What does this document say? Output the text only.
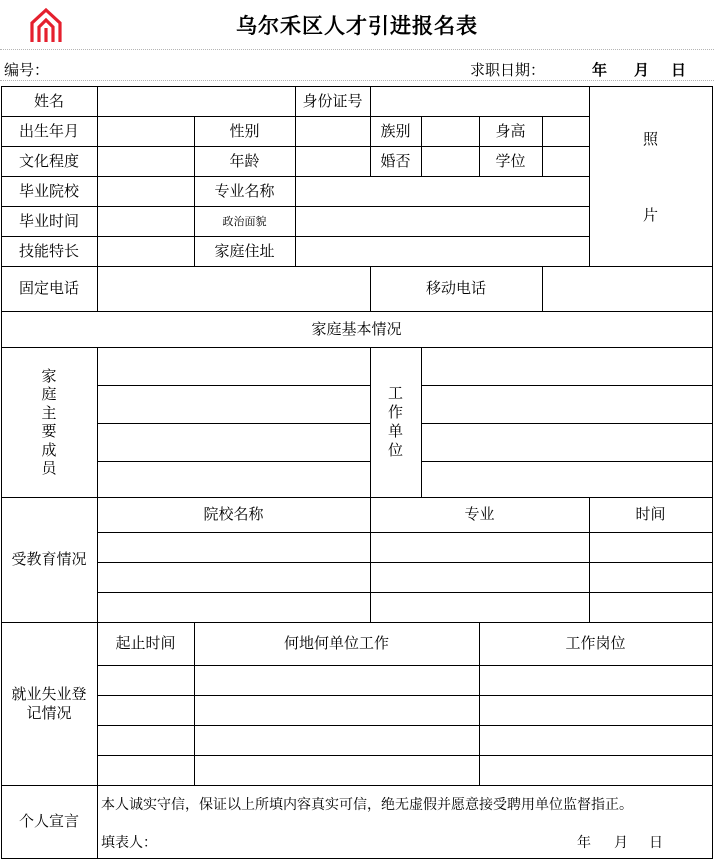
乌尔禾区人才引进报名表
编号：	求职日期：	年 月 日
姓名	身份证号
出生年月	性别	族别	身高
文化程度	年龄	婚否	学位
毕业院校	专业名称
毕业时间	政治面貌
技能特长	家庭住址
照
片
固定电话	移动电话
家庭基本情况
家
庭
主
要
成
员
工
作
单
位
受教育情况
院校名称	专业	时间
就业失业登
记情况
起止时间	何地何单位工作	工作岗位
个人宣言
本人诚实守信，保证以上所填内容真实可信，绝无虚假并愿意接受聘用单位监督指正。
填表人：	年 月 日
